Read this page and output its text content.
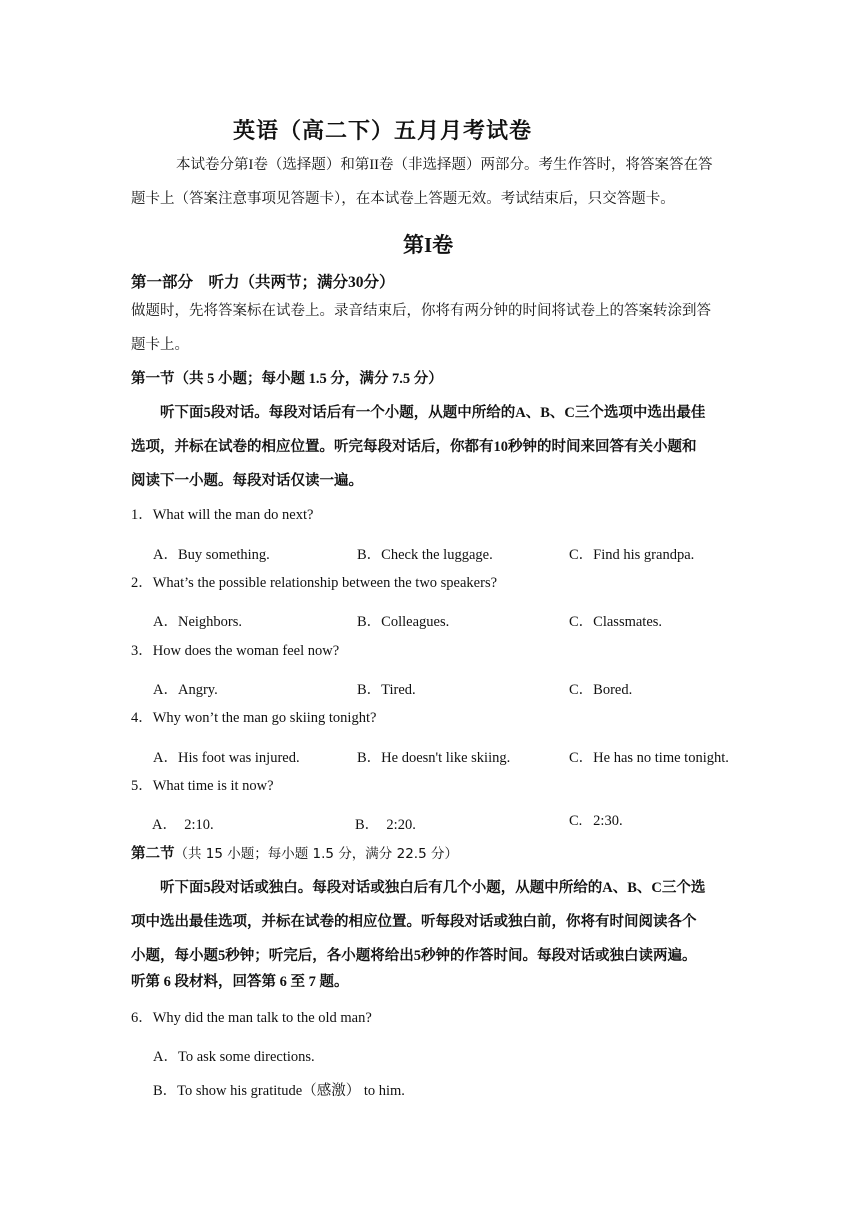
英语（高二下）五月月考试卷
本试卷分第I卷（选择题）和第II卷（非选择题）两部分。考生作答时，将答案答在答
题卡上（答案注意事项见答题卡），在本试卷上答题无效。考试结束后，只交答题卡。
第I卷
第一部分　听力（共两节；满分30分）
做题时，先将答案标在试卷上。录音结束后，你将有两分钟的时间将试卷上的答案转涂到答
题卡上。
第一节（共 5 小题；每小题 1.5 分，满分 7.5 分）
听下面5段对话。每段对话后有一个小题，从题中所给的A、B、C三个选项中选出最佳
选项，并标在试卷的相应位置。听完每段对话后，你都有10秒钟的时间来回答有关小题和
阅读下一小题。每段对话仅读一遍。
1．What will the man do next?
A．Buy something.	B．Check the luggage.	C．Find his grandpa.
2．What’s the possible relationship between the two speakers?
A．Neighbors.	B．Colleagues.	C．Classmates.
3．How does the woman feel now?
A．Angry.	B．Tired.	C．Bored.
4．Why won’t the man go skiing tonight?
A．His foot was injured.	B．He doesn't like skiing.	C．He has no time tonight.
5．What time is it now?
A．  2:10.	B．  2:20.	C.   2:30.
第二节（共 15 小题；每小题 1.5 分，满分 22.5 分）
听下面5段对话或独白。每段对话或独白后有几个小题，从题中所给的A、B、C三个选
项中选出最佳选项，并标在试卷的相应位置。听每段对话或独白前，你将有时间阅读各个
小题，每小题5秒钟；听完后，各小题将给出5秒钟的作答时间。每段对话或独白读两遍。
听第 6 段材料，回答第 6 至 7 题。
6．Why did the man talk to the old man?
A．To ask some directions.
B．To show his gratitude（感激） to him.
